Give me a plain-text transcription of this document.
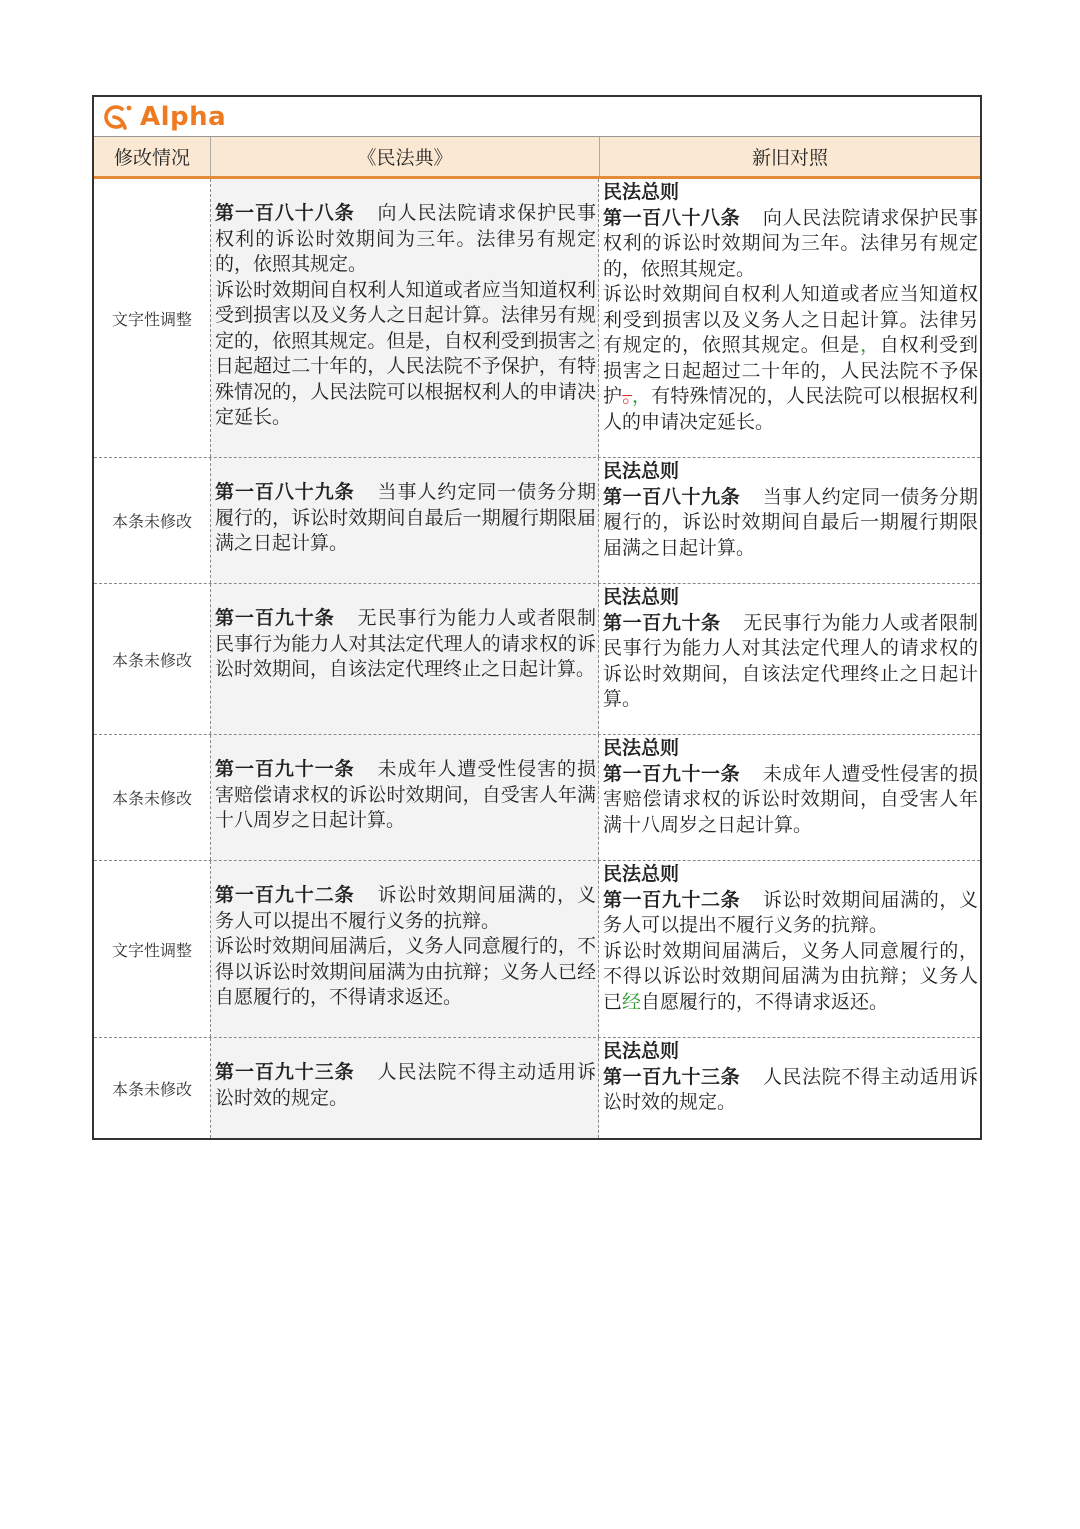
Alpha
修改情况	《民法典》	新旧对照
文字性调整

第一百八十八条 向人民法院请求保护民事权利的诉讼时效期间为三年。法律另有规定的，依照其规定。

诉讼时效期间自权利人知道或者应当知道权利受到损害以及义务人之日起计算。法律另有规定的，依照其规定。但是，自权利受到损害之日起超过二十年的，人民法院不予保护，有特殊情况的，人民法院可以根据权利人的申请决定延长。

民法总则

第一百八十八条 向人民法院请求保护民事权利的诉讼时效期间为三年。法律另有规定的，依照其规定。

诉讼时效期间自权利人知道或者应当知道权利受到损害以及义务人之日起计算。法律另有规定的，依照其规定。但是，自权利受到损害之日起超过二十年的，人民法院不予保护。，有特殊情况的，人民法院可以根据权利人的申请决定延长。

本条未修改

第一百八十九条 当事人约定同一债务分期履行的，诉讼时效期间自最后一期履行期限届满之日起计算。

民法总则

第一百八十九条 当事人约定同一债务分期履行的，诉讼时效期间自最后一期履行期限届满之日起计算。

本条未修改

第一百九十条 无民事行为能力人或者限制民事行为能力人对其法定代理人的请求权的诉讼时效期间，自该法定代理终止之日起计算。

民法总则

第一百九十条 无民事行为能力人或者限制民事行为能力人对其法定代理人的请求权的诉讼时效期间，自该法定代理终止之日起计算。

本条未修改

第一百九十一条 未成年人遭受性侵害的损害赔偿请求权的诉讼时效期间，自受害人年满十八周岁之日起计算。

民法总则

第一百九十一条 未成年人遭受性侵害的损害赔偿请求权的诉讼时效期间，自受害人年满十八周岁之日起计算。

文字性调整

第一百九十二条 诉讼时效期间届满的，义务人可以提出不履行义务的抗辩。

诉讼时效期间届满后，义务人同意履行的，不得以诉讼时效期间届满为由抗辩；义务人已经自愿履行的，不得请求返还。

民法总则

第一百九十二条 诉讼时效期间届满的，义务人可以提出不履行义务的抗辩。

诉讼时效期间届满后，义务人同意履行的，不得以诉讼时效期间届满为由抗辩；义务人已经自愿履行的，不得请求返还。

本条未修改

第一百九十三条 人民法院不得主动适用诉讼时效的规定。

民法总则

第一百九十三条 人民法院不得主动适用诉讼时效的规定。
